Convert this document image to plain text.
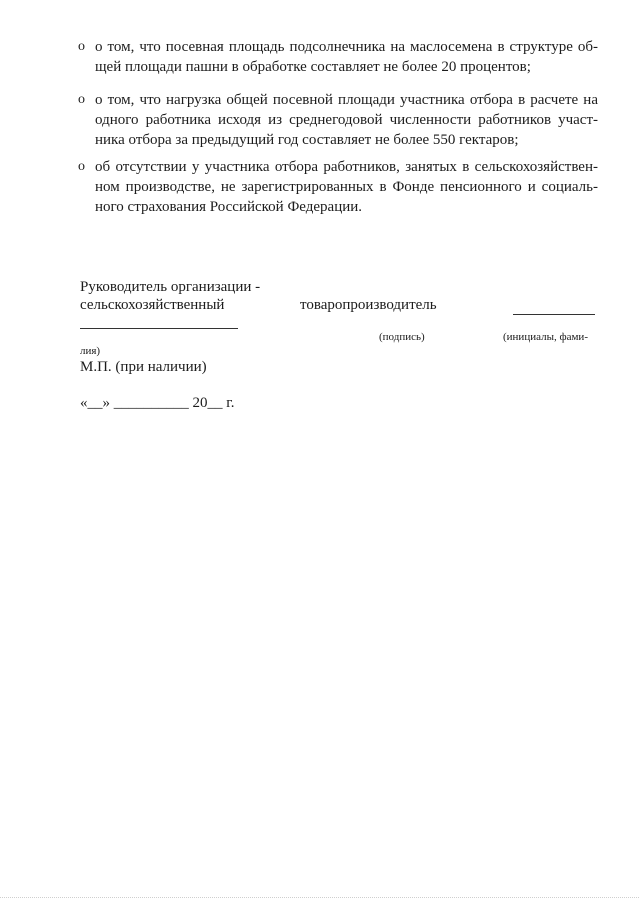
o о том, что посевная площадь подсолнечника на маслосемена в структуре об-
щей площади пашни в обработке составляет не более 20 процентов;
o о том, что нагрузка общей посевной площади участника отбора в расчете на
одного работника исходя из среднегодовой численности работников участ-
ника отбора за предыдущий год составляет не более 550 гектаров;
o об отсутствии у участника отбора работников, занятых в сельскохозяйствен-
ном производстве, не зарегистрированных в Фонде пенсионного и социаль-
ного страхования Российской Федерации.
Руководитель организации -
сельскохозяйственный	товаропроизводитель
(подпись)	(инициалы, фами-
лия)
М.П. (при наличии)
«__» __________ 20__ г.
